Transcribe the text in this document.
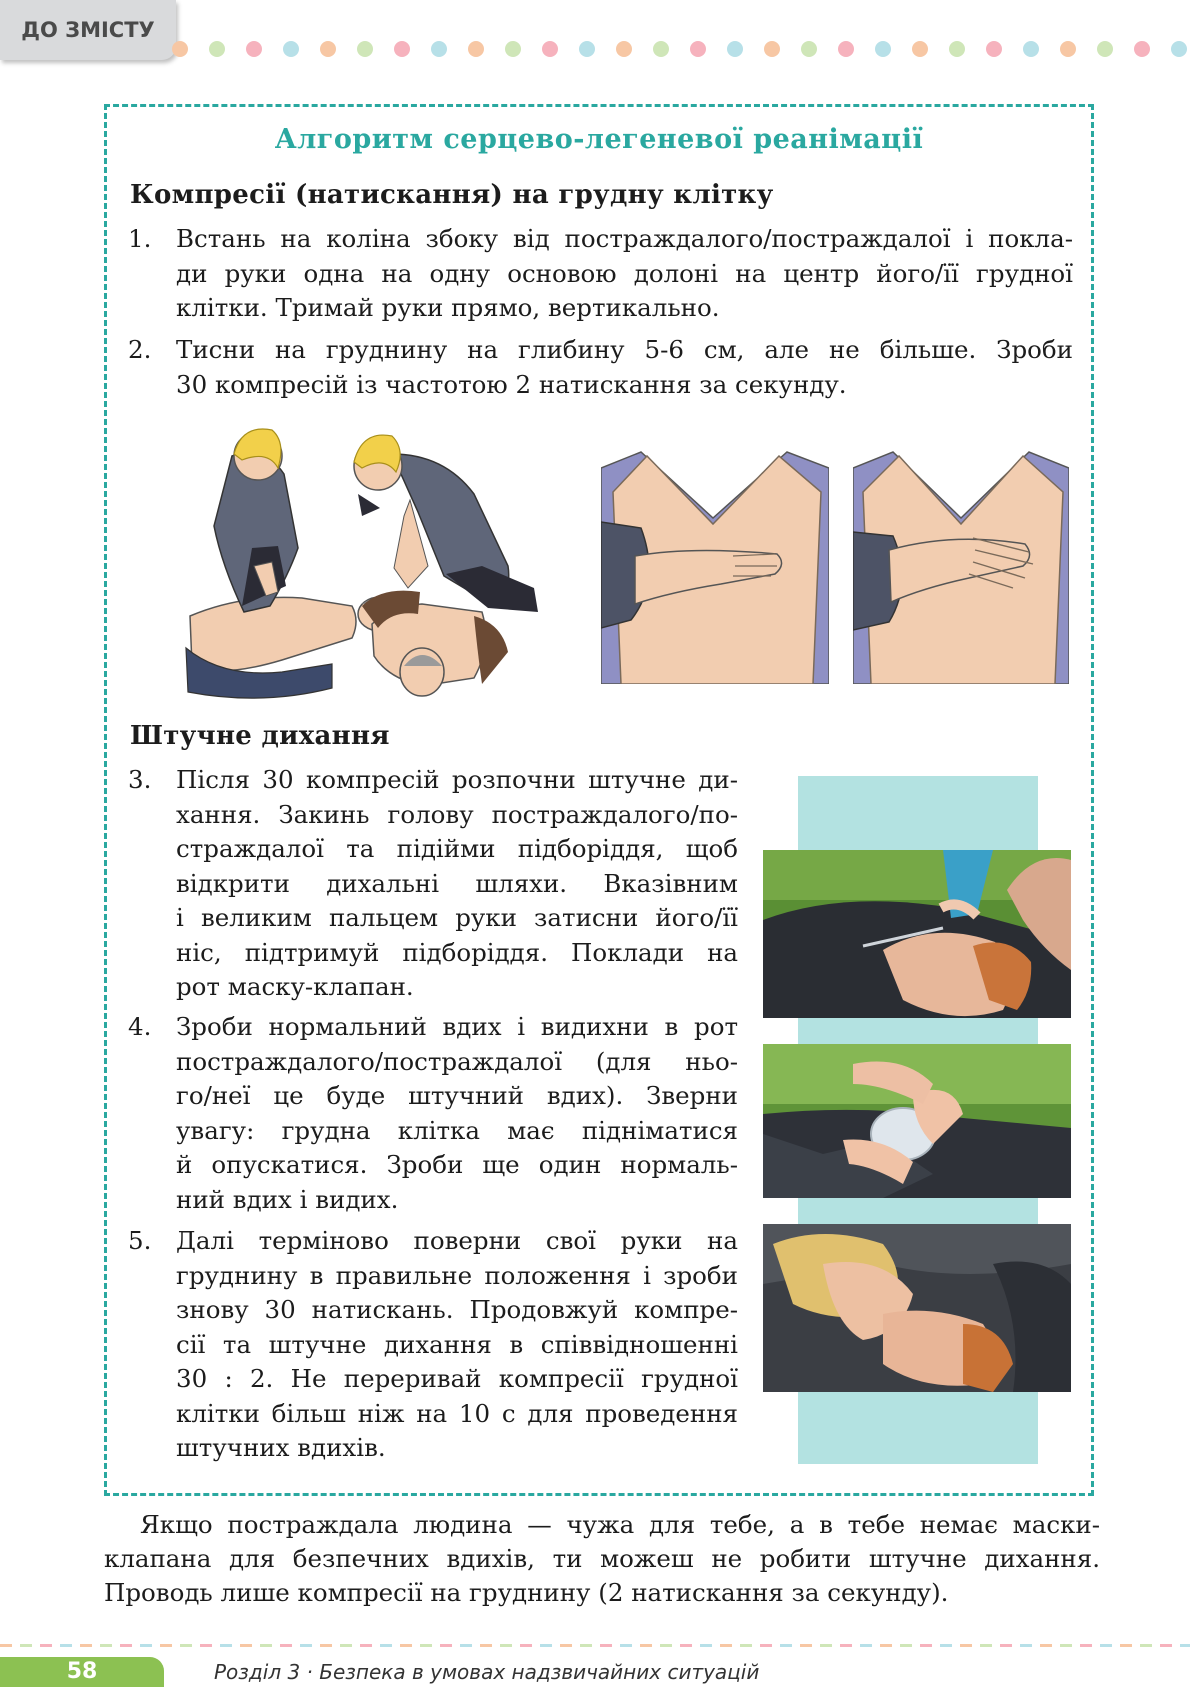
ДО ЗМІСТУ
Алгоритм серцево-легеневої реанімації
Компресії (натискання) на грудну клітку
1. Встань на коліна збоку від постраждалого/постраждалої і покла-
ди руки одна на одну основою долоні на центр його/її грудної
клітки. Тримай руки прямо, вертикально.
2. Тисни на груднину на глибину 5-6 см, але не більше. Зроби
30 компресій із частотою 2 натискання за секунду.
Штучне дихання
3. Після 30 компресій розпочни штучне ди-
хання. Закинь голову постраждалого/по-
страждалої та підійми підборіддя, щоб
відкрити дихальні шляхи. Вказівним
і великим пальцем руки затисни його/її
ніс, підтримуй підборіддя. Поклади на
рот маску-клапан.
4. Зроби нормальний вдих і видихни в рот
постраждалого/постраждалої (для ньо-
го/неї це буде штучний вдих). Зверни
увагу: грудна клітка має підніматися
й опускатися. Зроби ще один нормаль-
ний вдих і видих.
5. Далі терміново поверни свої руки на
груднину в правильне положення і зроби
знову 30 натискань. Продовжуй компре-
сії та штучне дихання в співвідношенні
30 : 2. Не переривай компресії грудної
клітки більш ніж на 10 с для проведення
штучних вдихів.
Якщо постраждала людина — чужа для тебе, а в тебе немає маски-клапана для безпечних вдихів, ти можеш не робити штучне дихання. Проводь лише компресії на груднину (2 натискання за секунду).
58	Розділ 3 · Безпека в умовах надзвичайних ситуацій
